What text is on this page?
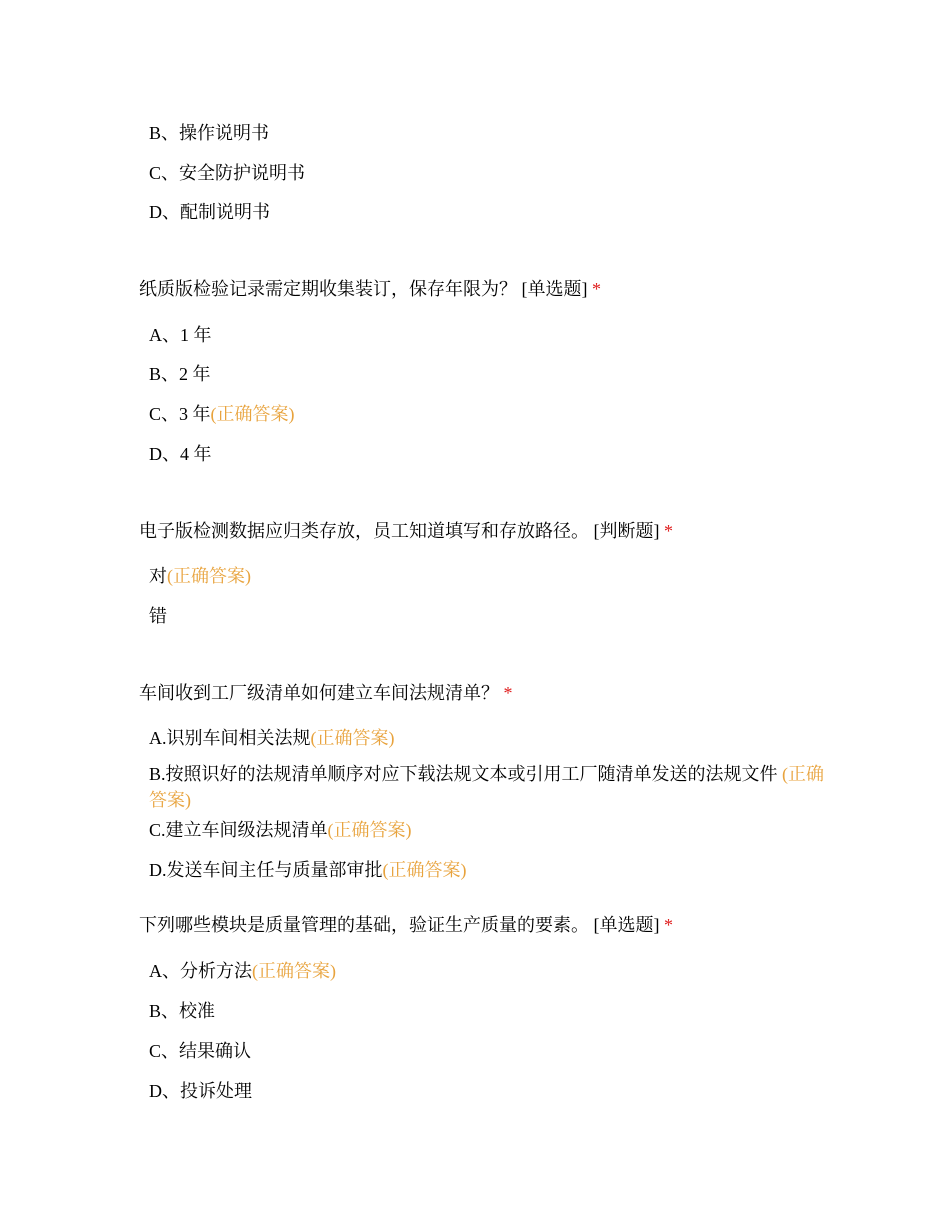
B、操作说明书
C、安全防护说明书
D、配制说明书
纸质版检验记录需定期收集装订，保存年限为？ [单选题] *
A、1 年
B、2 年
C、3 年(正确答案)
D、4 年
电子版检测数据应归类存放，员工知道填写和存放路径。 [判断题] *
对(正确答案)
错
车间收到工厂级清单如何建立车间法规清单？ *
A.识别车间相关法规(正确答案)
B.按照识好的法规清单顺序对应下载法规文本或引用工厂随清单发送的法规文件 (正确答案)
C.建立车间级法规清单(正确答案)
D.发送车间主任与质量部审批(正确答案)
下列哪些模块是质量管理的基础，验证生产质量的要素。 [单选题] *
A、分析方法(正确答案)
B、校准
C、结果确认
D、投诉处理
